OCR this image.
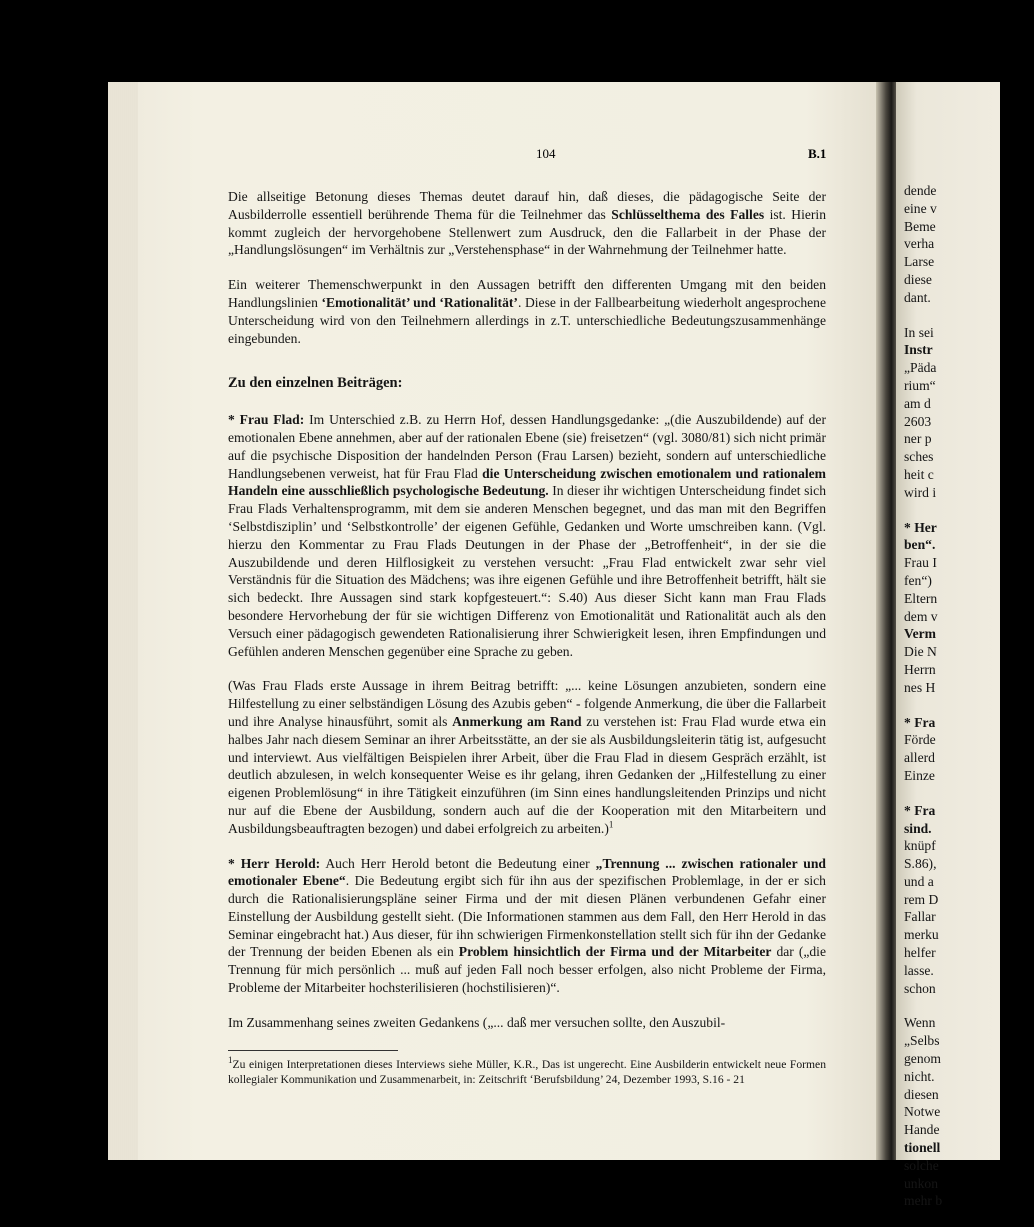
104	B.1

Die allseitige Betonung dieses Themas deutet darauf hin, daß dieses, die pädagogische Seite der Ausbilderrolle essentiell berührende Thema für die Teilnehmer das Schlüsselthema des Falles ist. Hierin kommt zugleich der hervorgehobene Stellenwert zum Ausdruck, den die Fallarbeit in der Phase der „Handlungslösungen“ im Verhältnis zur „Verstehensphase“ in der Wahrnehmung der Teilnehmer hatte.

Ein weiterer Themenschwerpunkt in den Aussagen betrifft den differenten Umgang mit den beiden Handlungslinien ‘Emotionalität’ und ‘Rationalität’. Diese in der Fallbearbeitung wiederholt angesprochene Unterscheidung wird von den Teilnehmern allerdings in z.T. unterschiedliche Bedeutungszusammenhänge eingebunden.

Zu den einzelnen Beiträgen:

* Frau Flad: Im Unterschied z.B. zu Herrn Hof, dessen Handlungsgedanke: „(die Auszubildende) auf der emotionalen Ebene annehmen, aber auf der rationalen Ebene (sie) freisetzen“ (vgl. 3080/81) sich nicht primär auf die psychische Disposition der handelnden Person (Frau Larsen) bezieht, sondern auf unterschiedliche Handlungsebenen verweist, hat für Frau Flad die Unterscheidung zwischen emotionalem und rationalem Handeln eine ausschließlich psychologische Bedeutung. In dieser ihr wichtigen Unterscheidung findet sich Frau Flads Verhaltensprogramm, mit dem sie anderen Menschen begegnet, und das man mit den Begriffen ‘Selbstdisziplin’ und ‘Selbstkontrolle’ der eigenen Gefühle, Gedanken und Worte umschreiben kann. (Vgl. hierzu den Kommentar zu Frau Flads Deutungen in der Phase der „Betroffenheit“, in der sie die Auszubildende und deren Hilflosigkeit zu verstehen versucht: „Frau Flad entwickelt zwar sehr viel Verständnis für die Situation des Mädchens; was ihre eigenen Gefühle und ihre Betroffenheit betrifft, hält sie sich bedeckt. Ihre Aussagen sind stark kopfgesteuert.“: S.40) Aus dieser Sicht kann man Frau Flads besondere Hervorhebung der für sie wichtigen Differenz von Emotionalität und Rationalität auch als den Versuch einer pädagogisch gewendeten Rationalisierung ihrer Schwierigkeit lesen, ihren Empfindungen und Gefühlen anderen Menschen gegenüber eine Sprache zu geben.

(Was Frau Flads erste Aussage in ihrem Beitrag betrifft: „... keine Lösungen anzubieten, sondern eine Hilfestellung zu einer selbständigen Lösung des Azubis geben“ - folgende Anmerkung, die über die Fallarbeit und ihre Analyse hinausführt, somit als Anmerkung am Rand zu verstehen ist: Frau Flad wurde etwa ein halbes Jahr nach diesem Seminar an ihrer Arbeitsstätte, an der sie als Ausbildungsleiterin tätig ist, aufgesucht und interviewt. Aus vielfältigen Beispielen ihrer Arbeit, über die Frau Flad in diesem Gespräch erzählt, ist deutlich abzulesen, in welch konsequenter Weise es ihr gelang, ihren Gedanken der „Hilfestellung zu einer eigenen Problemlösung“ in ihre Tätigkeit einzuführen (im Sinn eines handlungsleitenden Prinzips und nicht nur auf die Ebene der Ausbildung, sondern auch auf die der Kooperation mit den Mitarbeitern und Ausbildungsbeauftragten bezogen) und dabei erfolgreich zu arbeiten.)$^1$

* Herr Herold: Auch Herr Herold betont die Bedeutung einer „Trennung ... zwischen rationaler und emotionaler Ebene“. Die Bedeutung ergibt sich für ihn aus der spezifischen Problemlage, in der er sich durch die Rationalisierungspläne seiner Firma und der mit diesen Plänen verbundenen Gefahr einer Einstellung der Ausbildung gestellt sieht. (Die Informationen stammen aus dem Fall, den Herr Herold in das Seminar eingebracht hat.) Aus dieser, für ihn schwierigen Firmenkonstellation stellt sich für ihn der Gedanke der Trennung der beiden Ebenen als ein Problem hinsichtlich der Firma und der Mitarbeiter dar („die Trennung für mich persönlich ... muß auf jeden Fall noch besser erfolgen, also nicht Probleme der Firma, Probleme der Mitarbeiter hochsterilisieren (hochstilisieren)“.

Im Zusammenhang seines zweiten Gedankens („... daß mer versuchen sollte, den Auszubil-

$^1$Zu einigen Interpretationen dieses Interviews siehe Müller, K.R., Das ist ungerecht. Eine Ausbilderin entwickelt neue Formen kollegialer Kommunikation und Zusammenarbeit, in: Zeitschrift ‘Berufsbildung’ 24, Dezember 1993, S.16 - 21
dende
eine v
Beme
verha
Larse
diese
dant.
In sei
Instr
„Päda
rium“
am d
2603
ner p
sches
heit c
wird i
* Her
ben“.
Frau I
fen“)
Eltern
dem v
Verm
Die N
Herrn
nes H
* Fra
Förde
allerd
Einze
* Fra
sind.
knüpf
S.86),
und a
rem D
Fallar
merku
helfer
lasse.
schon
Wenn
„Selbs
genom
nicht.
diesen
Notwe
Hande
tionell
solche
unkon
mehr b
